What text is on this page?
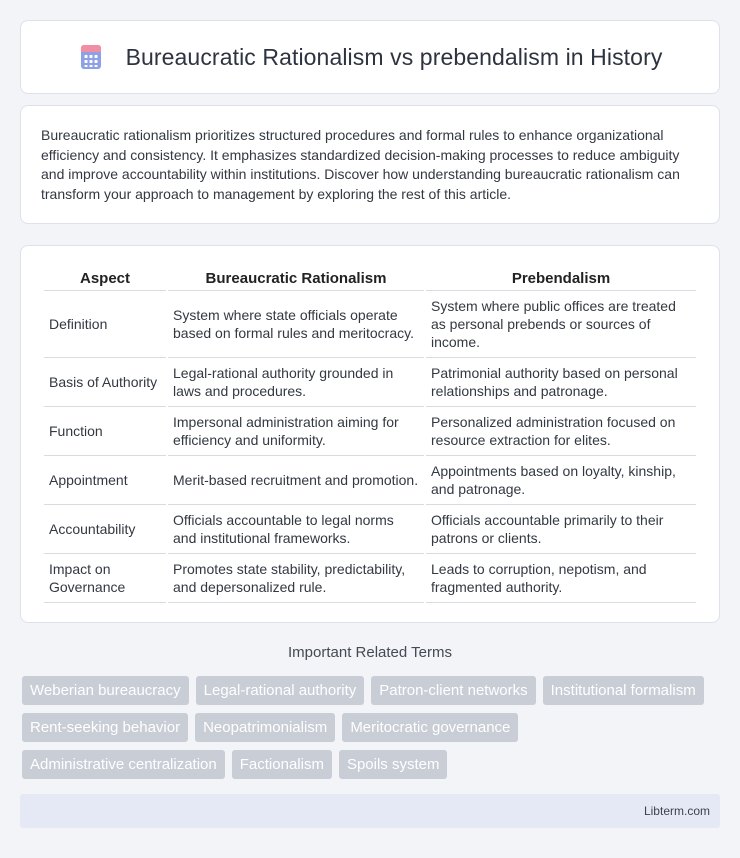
Bureaucratic Rationalism vs prebendalism in History

Bureaucratic rationalism prioritizes structured procedures and formal rules to enhance organizational efficiency and consistency. It emphasizes standardized decision-making processes to reduce ambiguity and improve accountability within institutions. Discover how understanding bureaucratic rationalism can transform your approach to management by exploring the rest of this article.

Aspect	Bureaucratic Rationalism	Prebendalism
Definition	System where state officials operate based on formal rules and meritocracy.	System where public offices are treated as personal prebends or sources of income.
Basis of Authority	Legal-rational authority grounded in laws and procedures.	Patrimonial authority based on personal relationships and patronage.
Function	Impersonal administration aiming for efficiency and uniformity.	Personalized administration focused on resource extraction for elites.
Appointment	Merit-based recruitment and promotion.	Appointments based on loyalty, kinship, and patronage.
Accountability	Officials accountable to legal norms and institutional frameworks.	Officials accountable primarily to their patrons or clients.
Impact on Governance	Promotes state stability, predictability, and depersonalized rule.	Leads to corruption, nepotism, and fragmented authority.
Important Related Terms
Weberian bureaucracy	Legal-rational authority	Patron-client networks	Institutional formalism
Rent-seeking behavior	Neopatrimonialism	Meritocratic governance
Administrative centralization	Factionalism	Spoils system
Libterm.com
